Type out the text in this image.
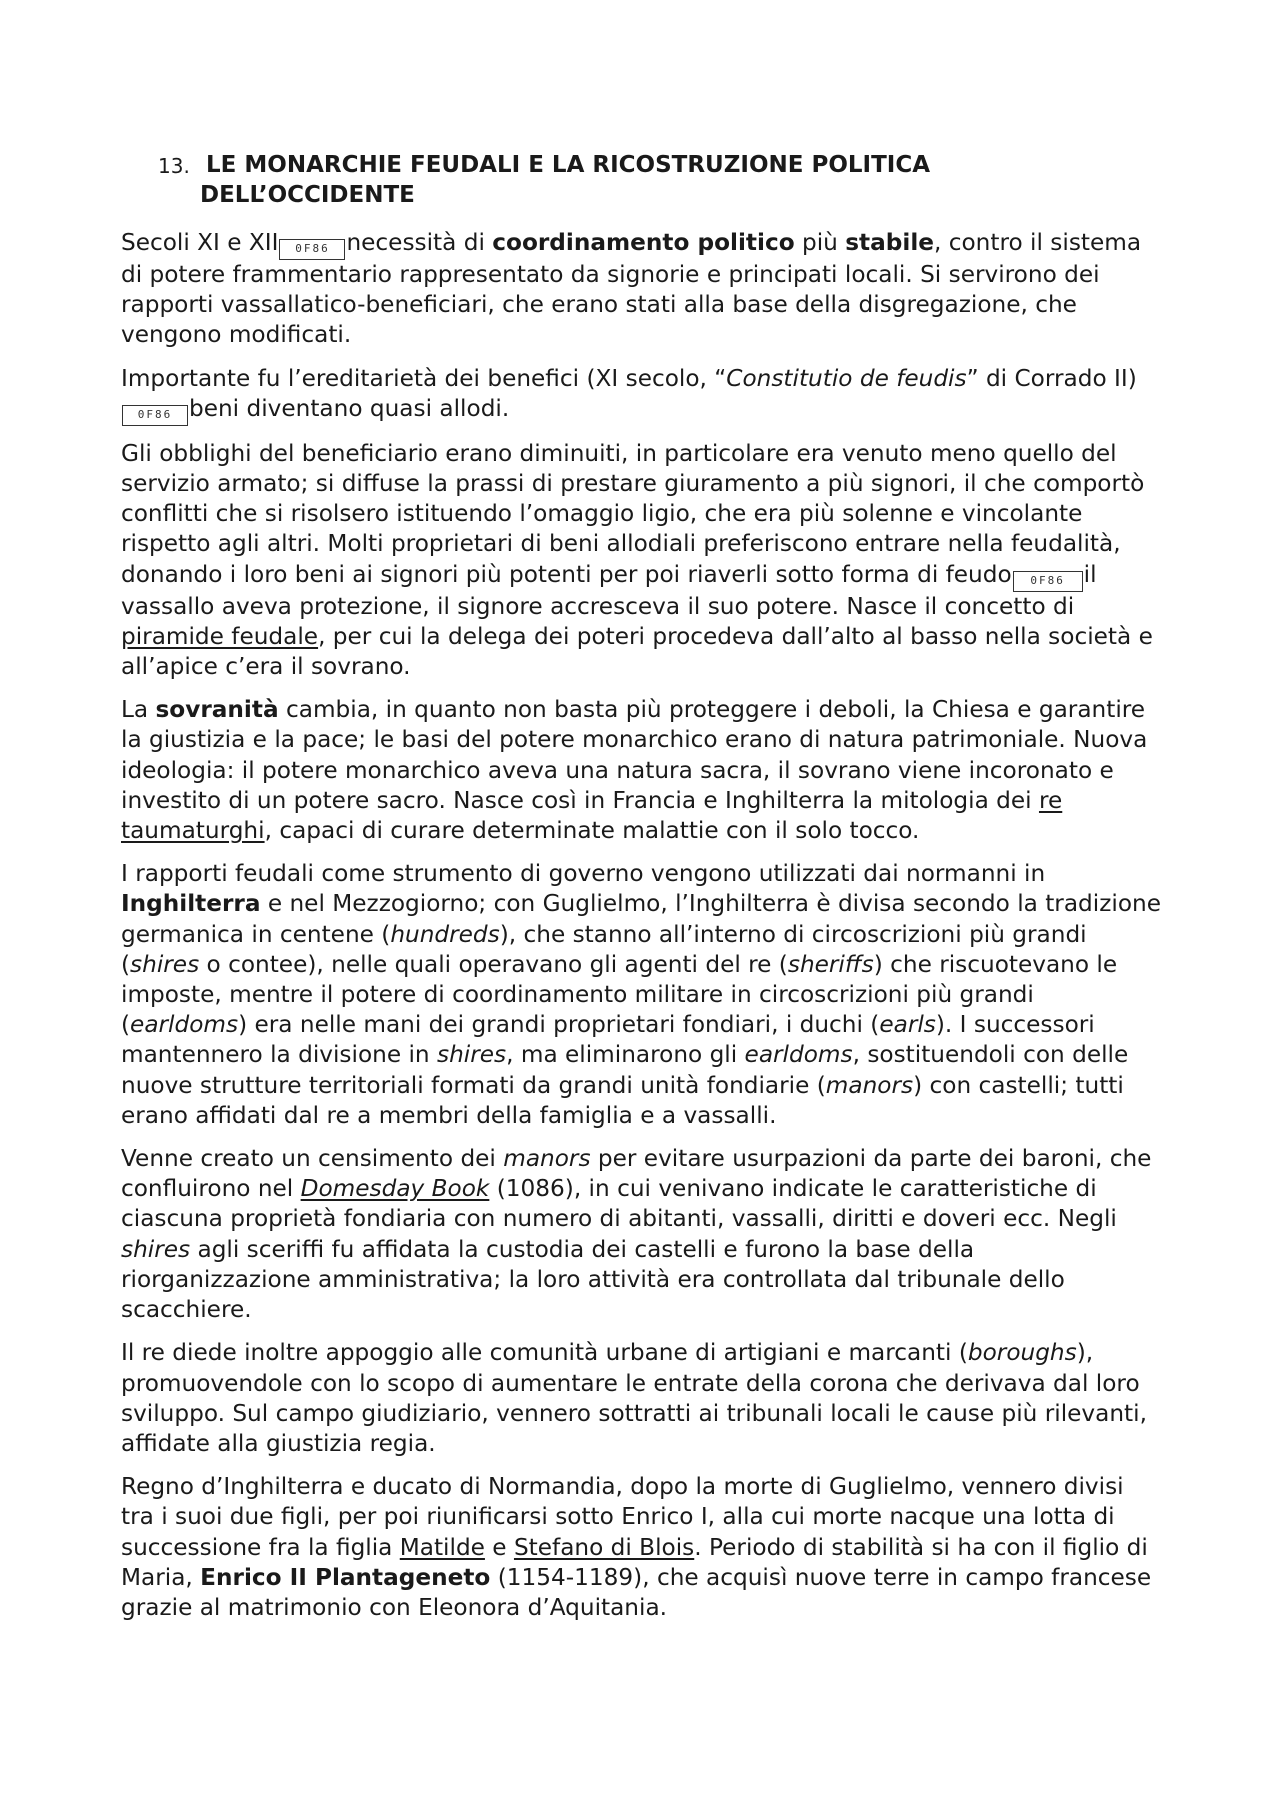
13. LE MONARCHIE FEUDALI E LA RICOSTRUZIONE POLITICA
DELL’OCCIDENTE

Secoli XI e XII 0F86 necessità di coordinamento politico più stabile, contro il sistema di potere frammentario rappresentato da signorie e principati locali. Si servirono dei rapporti vassallatico-beneficiari, che erano stati alla base della disgregazione, che vengono modificati.

Importante fu l’ereditarietà dei benefici (XI secolo, “Constitutio de feudis” di Corrado II)0F86 beni diventano quasi allodi.

Gli obblighi del beneficiario erano diminuiti, in particolare era venuto meno quello del servizio armato; si diffuse la prassi di prestare giuramento a più signori, il che comportò conflitti che si risolsero istituendo l’omaggio ligio, che era più solenne e vincolante rispetto agli altri. Molti proprietari di beni allodiali preferiscono entrare nella feudalità, donando i loro beni ai signori più potenti per poi riaverli sotto forma di feudo 0F86 il vassallo aveva protezione, il signore accresceva il suo potere. Nasce il concetto di piramide feudale, per cui la delega dei poteri procedeva dall’alto al basso nella società e all’apice c’era il sovrano.

La sovranità cambia, in quanto non basta più proteggere i deboli, la Chiesa e garantire la giustizia e la pace; le basi del potere monarchico erano di natura patrimoniale. Nuova ideologia: il potere monarchico aveva una natura sacra, il sovrano viene incoronato e investito di un potere sacro. Nasce così in Francia e Inghilterra la mitologia dei re taumaturghi, capaci di curare determinate malattie con il solo tocco.

I rapporti feudali come strumento di governo vengono utilizzati dai normanni in Inghilterra e nel Mezzogiorno; con Guglielmo, l’Inghilterra è divisa secondo la tradizione germanica in centene (hundreds), che stanno all’interno di circoscrizioni più grandi (shires o contee), nelle quali operavano gli agenti del re (sheriffs) che riscuotevano le imposte, mentre il potere di coordinamento militare in circoscrizioni più grandi (earldoms) era nelle mani dei grandi proprietari fondiari, i duchi (earls). I successori mantennero la divisione in shires, ma eliminarono gli earldoms, sostituendoli con delle nuove strutture territoriali formati da grandi unità fondiarie (manors) con castelli; tutti erano affidati dal re a membri della famiglia e a vassalli.

Venne creato un censimento dei manors per evitare usurpazioni da parte dei baroni, che confluirono nel Domesday Book (1086), in cui venivano indicate le caratteristiche di ciascuna proprietà fondiaria con numero di abitanti, vassalli, diritti e doveri ecc. Negli shires agli sceriffi fu affidata la custodia dei castelli e furono la base della riorganizzazione amministrativa; la loro attività era controllata dal tribunale dello scacchiere.

Il re diede inoltre appoggio alle comunità urbane di artigiani e marcanti (boroughs), promuovendole con lo scopo di aumentare le entrate della corona che derivava dal loro sviluppo. Sul campo giudiziario, vennero sottratti ai tribunali locali le cause più rilevanti, affidate alla giustizia regia.

Regno d’Inghilterra e ducato di Normandia, dopo la morte di Guglielmo, vennero divisi tra i suoi due figli, per poi riunificarsi sotto Enrico I, alla cui morte nacque una lotta di successione fra la figlia Matilde e Stefano di Blois. Periodo di stabilità si ha con il figlio di Maria, Enrico II Plantageneto (1154-1189), che acquisì nuove terre in campo francese grazie al matrimonio con Eleonora d’Aquitania.
